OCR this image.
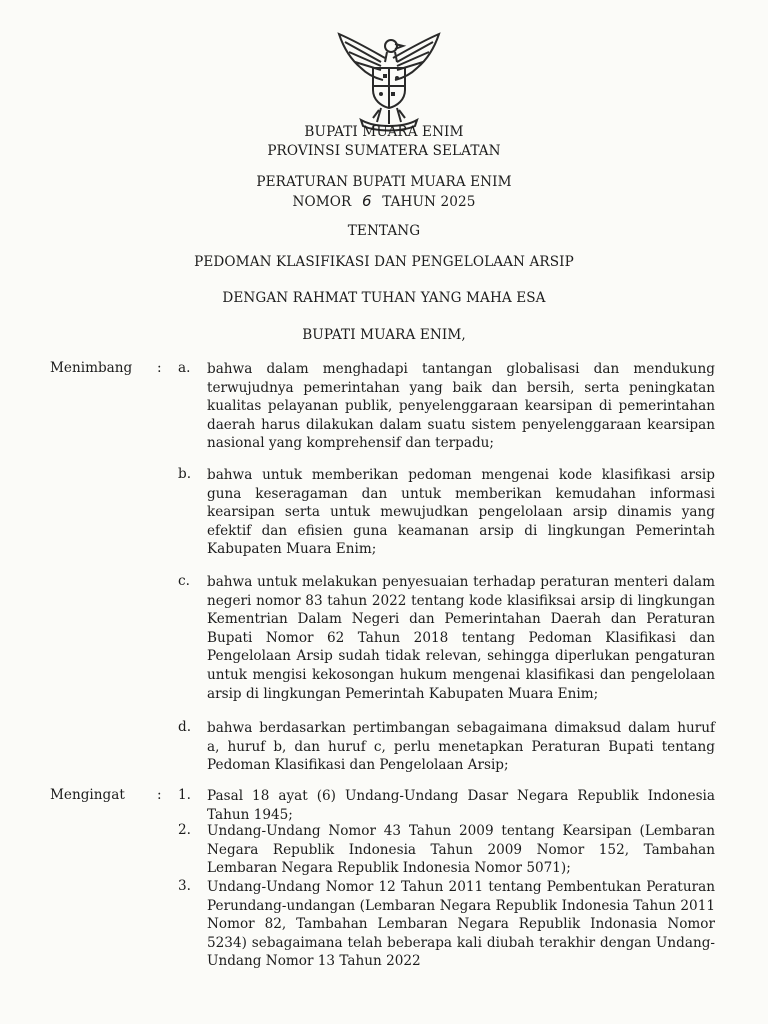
BUPATI MUARA ENIM
PROVINSI SUMATERA SELATAN
PERATURAN BUPATI MUARA ENIM
NOMOR 6 TAHUN 2025
TENTANG
PEDOMAN KLASIFIKASI DAN PENGELOLAAN ARSIP
DENGAN RAHMAT TUHAN YANG MAHA ESA
BUPATI MUARA ENIM,
Menimbang : a. bahwa dalam menghadapi tantangan globalisasi dan mendukung terwujudnya pemerintahan yang baik dan bersih, serta peningkatan kualitas pelayanan publik, penyelenggaraan kearsipan di pemerintahan daerah harus dilakukan dalam suatu sistem penyelenggaraan kearsipan nasional yang komprehensif dan terpadu;
b. bahwa untuk memberikan pedoman mengenai kode klasifikasi arsip guna keseragaman dan untuk memberikan kemudahan informasi kearsipan serta untuk mewujudkan pengelolaan arsip dinamis yang efektif dan efisien guna keamanan arsip di lingkungan Pemerintah Kabupaten Muara Enim;
c. bahwa untuk melakukan penyesuaian terhadap peraturan menteri dalam negeri nomor 83 tahun 2022 tentang kode klasifiksai arsip di lingkungan Kementrian Dalam Negeri dan Pemerintahan Daerah dan Peraturan Bupati Nomor 62 Tahun 2018 tentang Pedoman Klasifikasi dan Pengelolaan Arsip sudah tidak relevan, sehingga diperlukan pengaturan untuk mengisi kekosongan hukum mengenai klasifikasi dan pengelolaan arsip di lingkungan Pemerintah Kabupaten Muara Enim;
d. bahwa berdasarkan pertimbangan sebagaimana dimaksud dalam huruf a, huruf b, dan huruf c, perlu menetapkan Peraturan Bupati tentang Pedoman Klasifikasi dan Pengelolaan Arsip;
Mengingat : 1. Pasal 18 ayat (6) Undang-Undang Dasar Negara Republik Indonesia Tahun 1945;
2. Undang-Undang Nomor 43 Tahun 2009 tentang Kearsipan (Lembaran Negara Republik Indonesia Tahun 2009 Nomor 152, Tambahan Lembaran Negara Republik Indonesia Nomor 5071);
3. Undang-Undang Nomor 12 Tahun 2011 tentang Pembentukan Peraturan Perundang-undangan (Lembaran Negara Republik Indonesia Tahun 2011 Nomor 82, Tambahan Lembaran Negara Republik Indonasia Nomor 5234) sebagaimana telah beberapa kali diubah terakhir dengan Undang-Undang Nomor 13 Tahun 2022
